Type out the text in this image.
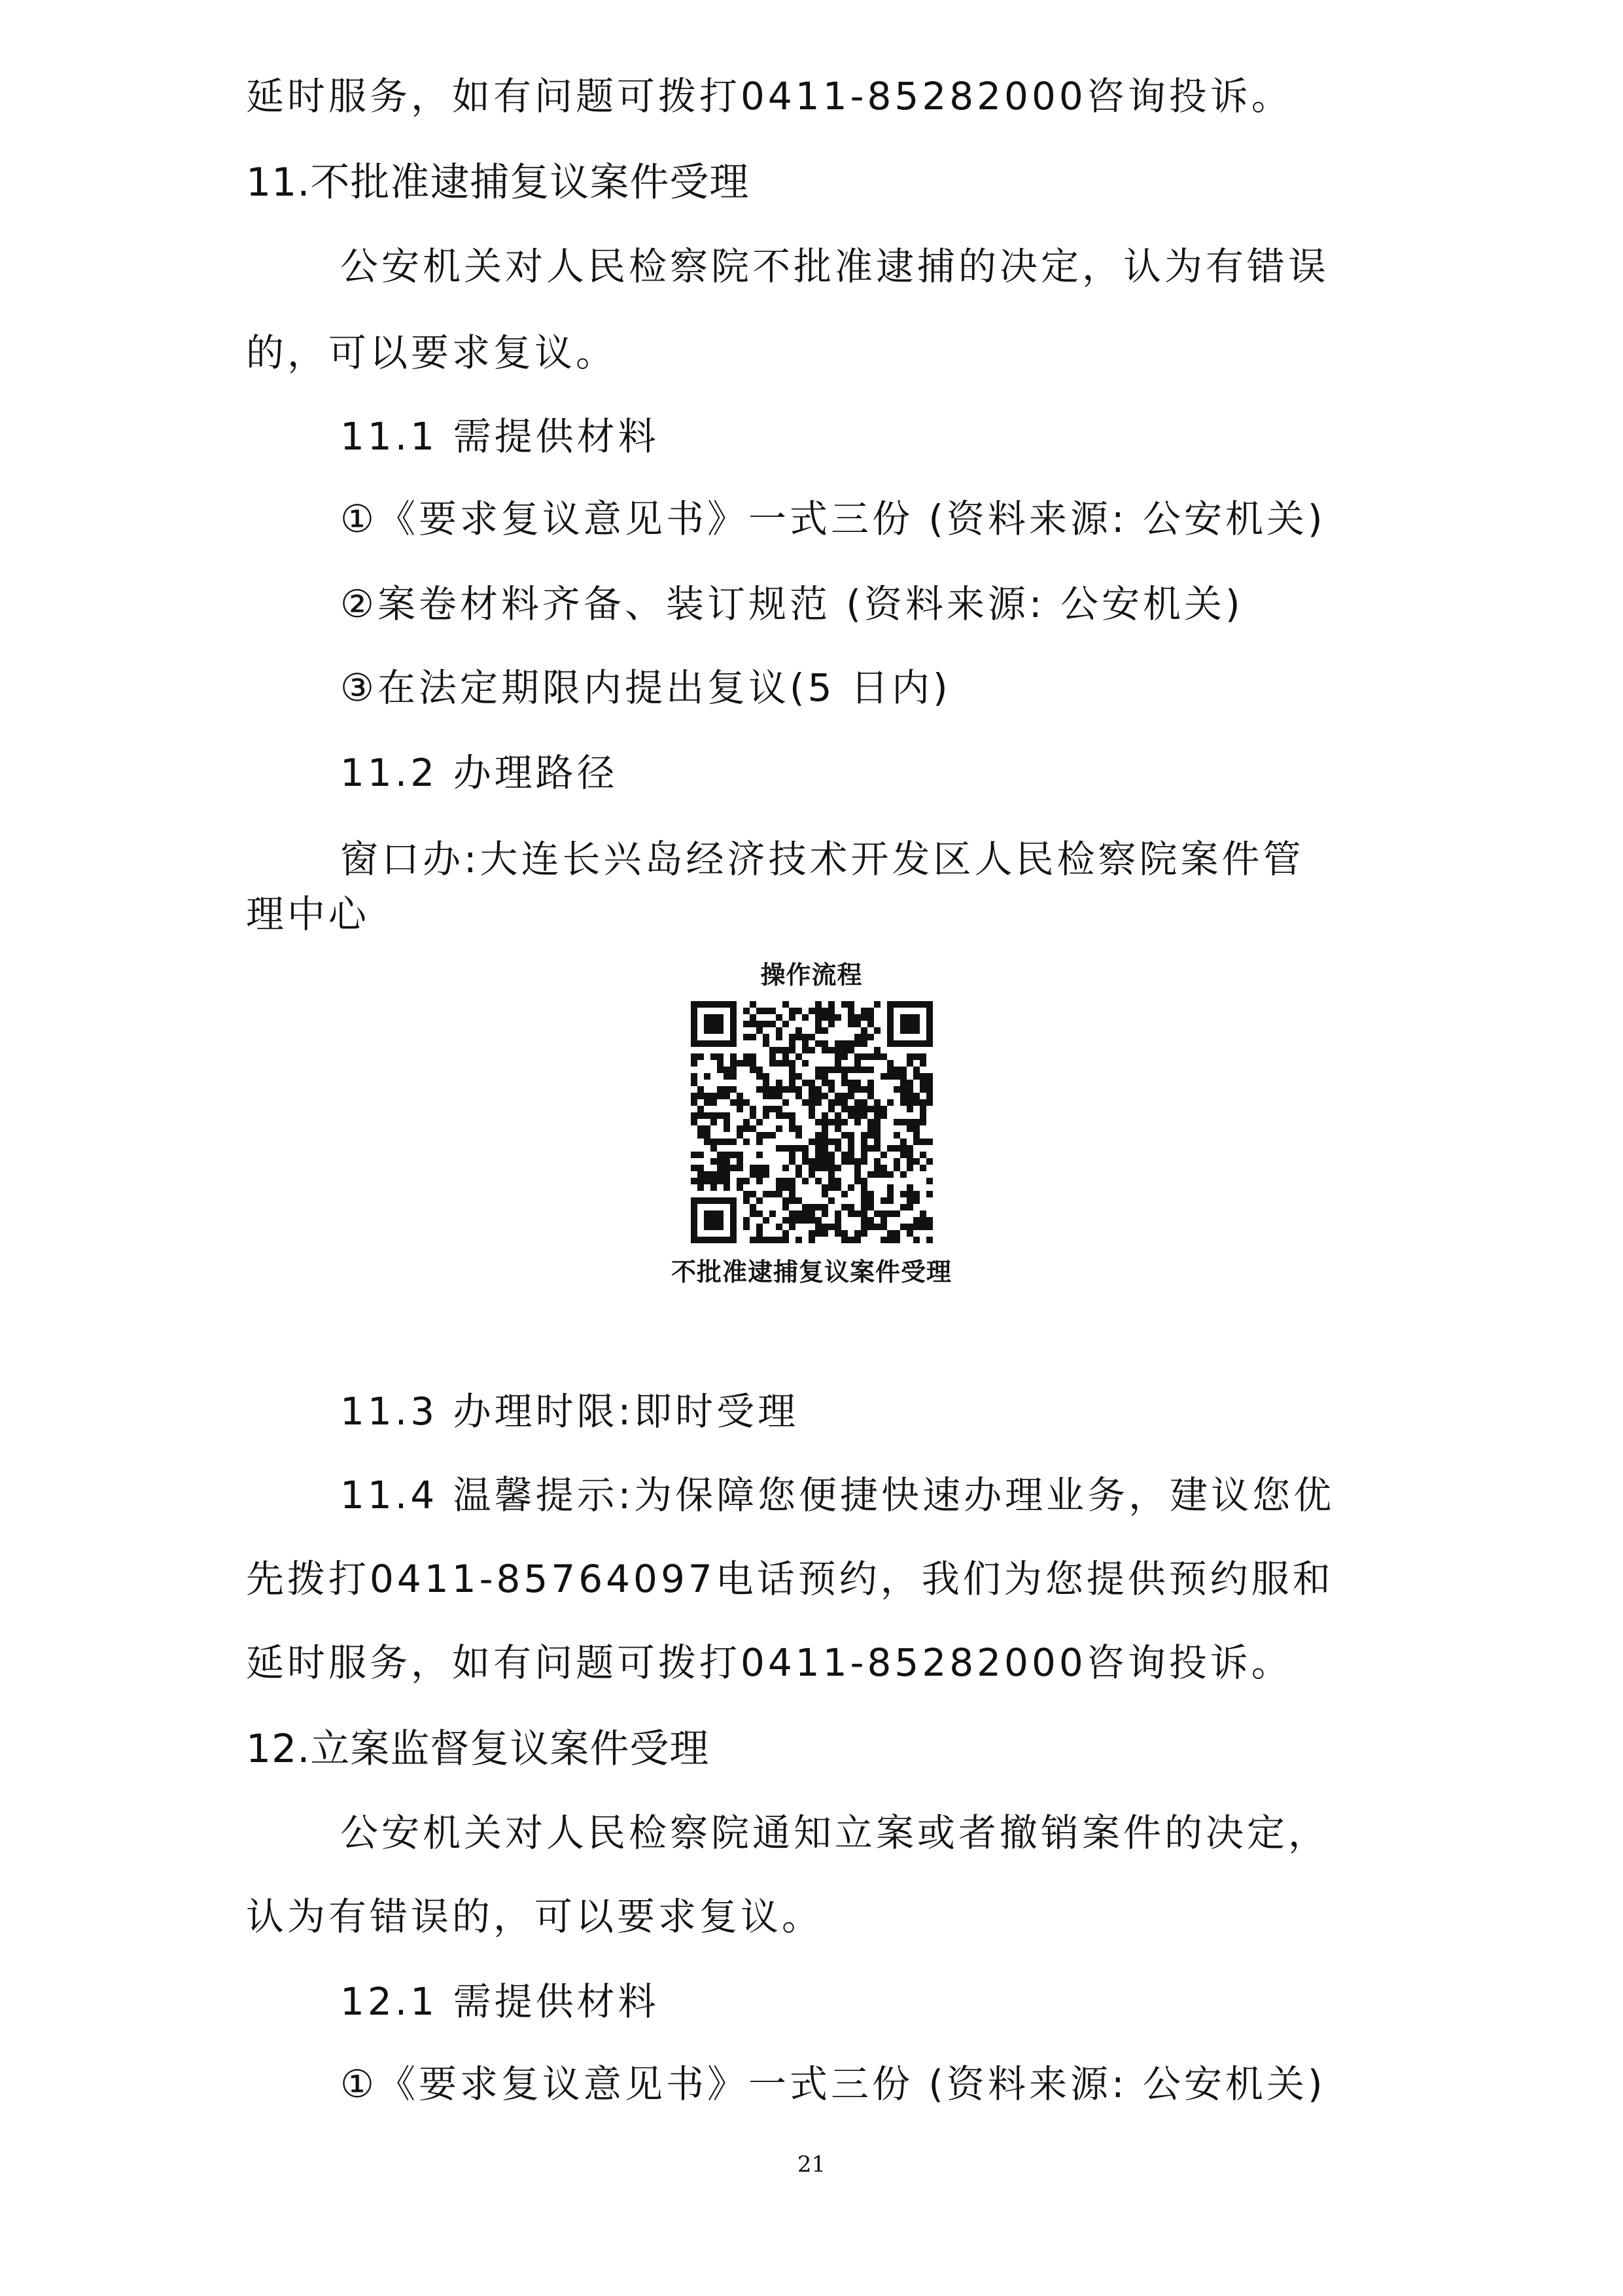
延时服务，如有问题可拨打0411-85282000咨询投诉。
11.不批准逮捕复议案件受理
公安机关对人民检察院不批准逮捕的决定，认为有错误
的，可以要求复议。
11.1 需提供材料
①《要求复议意见书》一式三份 (资料来源: 公安机关)
②案卷材料齐备、装订规范 (资料来源: 公安机关)
③在法定期限内提出复议(5 日内)
11.2 办理路径
窗口办:大连长兴岛经济技术开发区人民检察院案件管
理中心
操作流程
不批准逮捕复议案件受理
11.3 办理时限:即时受理
11.4 温馨提示:为保障您便捷快速办理业务，建议您优
先拨打0411-85764097电话预约，我们为您提供预约服和
延时服务，如有问题可拨打0411-85282000咨询投诉。
12.立案监督复议案件受理
公安机关对人民检察院通知立案或者撤销案件的决定，
认为有错误的，可以要求复议。
12.1 需提供材料
①《要求复议意见书》一式三份 (资料来源: 公安机关)
21
